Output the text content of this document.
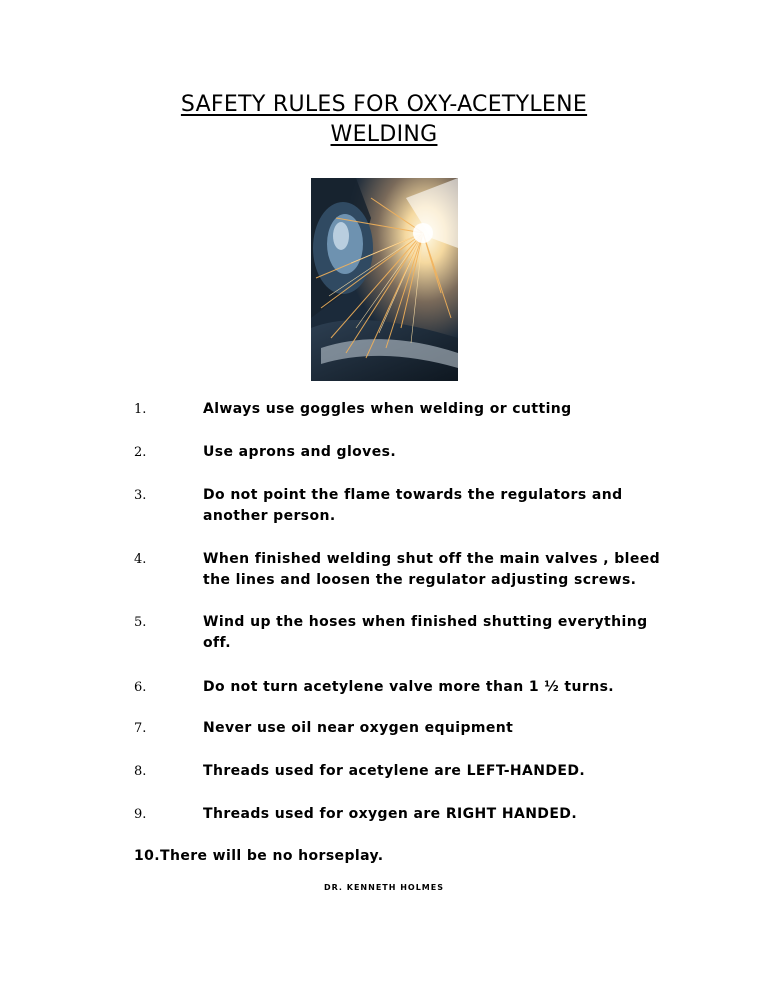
SAFETY RULES FOR OXY-ACETYLENE
WELDING
1.	Always use goggles when welding or cutting
2.	Use aprons and gloves.
3.	Do not point the flame towards the regulators and another person.
4.	When finished welding shut off the main valves , bleed the lines and loosen the regulator adjusting screws.
5.	Wind up the hoses when finished shutting everything off.
6.	Do not turn acetylene valve more than 1 ½ turns.
7.	Never use oil near oxygen equipment
8.	Threads used for acetylene are LEFT-HANDED.
9.	Threads used for oxygen are RIGHT HANDED.
10.There will be no horseplay.
DR. KENNETH HOLMES
